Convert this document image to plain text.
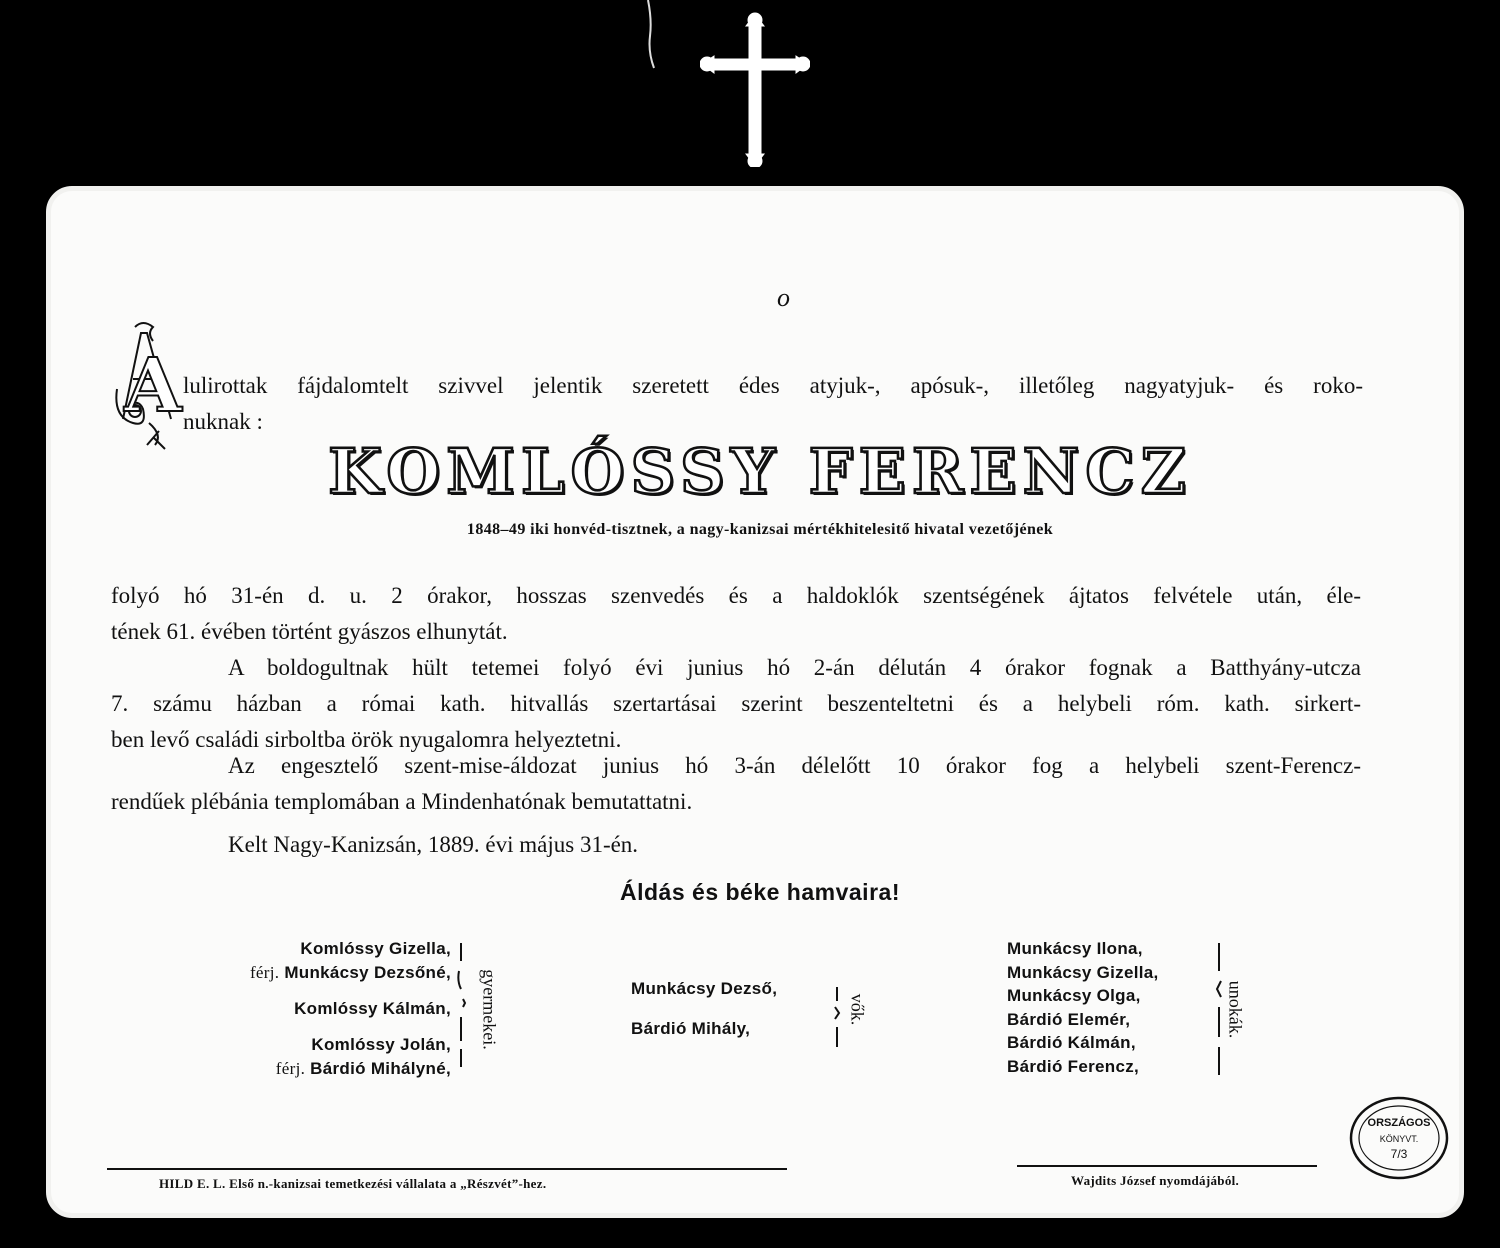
o
A lulirottak fájdalomtelt szivvel jelentik szeretett édes atyjuk-, apósuk-, illetőleg nagyatyjuk- és roko-
nuknak :
KOMLÓSSY FERENCZ
1848–49 iki honvéd-tisztnek, a nagy-kanizsai mértékhitelesitő hivatal vezetőjének
folyó hó 31-én d. u. 2 órakor, hosszas szenvedés és a haldoklók szentségének ájtatos felvétele után, éle-
tének 61. évében történt gyászos elhunytát.
A boldogultnak hült tetemei folyó évi junius hó 2-án délután 4 órakor fognak a Batthyány-utcza
7. számu házban a római kath. hitvallás szertartásai szerint beszenteltetni és a helybeli róm. kath. sirkert-
ben levő családi sirboltba örök nyugalomra helyeztetni.
Az engesztelő szent-mise-áldozat junius hó 3-án délelőtt 10 órakor fog a helybeli szent-Ferencz-
rendűek plébánia templomában a Mindenhatónak bemutattatni.
Kelt Nagy-Kanizsán, 1889. évi május 31-én.
Áldás és béke hamvaira!
Komlóssy Gizella,
férj. Munkácsy Dezsőné,
Komlóssy Kálmán,
Komlóssy Jolán,
férj. Bárdió Mihályné,
gyermekei.	Munkácsy Dezső,
Bárdió Mihály,
vők.
Munkácsy Ilona,
Munkácsy Gizella,
Munkácsy Olga,
Bárdió Elemér,
Bárdió Kálmán,
Bárdió Ferencz,
unokák.
ORSZÁGOS
KÖNYVT.
7/3
HILD E. L. Első n.-kanizsai temetkezési vállalata a „Részvét”-hez.	Wajdits József nyomdájából.
